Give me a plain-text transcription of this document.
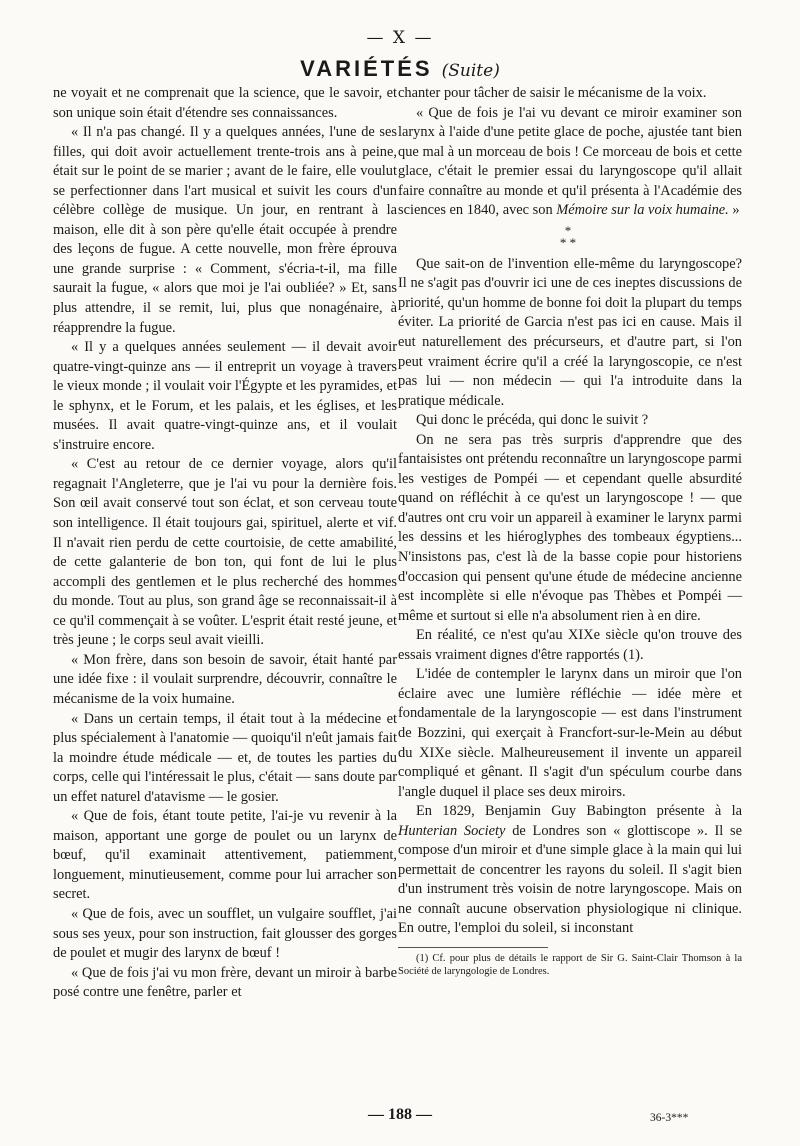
— X —
VARIÉTÉS (Suite)

ne voyait et ne comprenait que la science, que le savoir, et son unique soin était d'étendre ses connaissances.

« Il n'a pas changé. Il y a quelques années, l'une de ses filles, qui doit avoir actuellement trente-trois ans à peine, était sur le point de se marier ; avant de le faire, elle voulut se perfectionner dans l'art musical et suivit les cours d'un célèbre collège de musique. Un jour, en rentrant à la maison, elle dit à son père qu'elle était occupée à prendre des leçons de fugue. A cette nouvelle, mon frère éprouva une grande surprise : « Comment, s'écria-t-il, ma fille saurait la fugue, « alors que moi je l'ai oubliée? » Et, sans plus attendre, il se remit, lui, plus que nonagénaire, à réapprendre la fugue.

« Il y a quelques années seulement — il devait avoir quatre-vingt-quinze ans — il entreprit un voyage à travers le vieux monde ; il voulait voir l'Égypte et les pyramides, et le sphynx, et le Forum, et les palais, et les églises, et les musées. Il avait quatre-vingt-quinze ans, et il voulait s'instruire encore.

« C'est au retour de ce dernier voyage, alors qu'il regagnait l'Angleterre, que je l'ai vu pour la dernière fois. Son œil avait conservé tout son éclat, et son cerveau toute son intelligence. Il était toujours gai, spirituel, alerte et vif. Il n'avait rien perdu de cette courtoisie, de cette amabilité, de cette galanterie de bon ton, qui font de lui le plus accompli des gentlemen et le plus recherché des hommes du monde. Tout au plus, son grand âge se reconnaissait-il à ce qu'il commençait à se voûter. L'esprit était resté jeune, et très jeune ; le corps seul avait vieilli.

« Mon frère, dans son besoin de savoir, était hanté par une idée fixe : il voulait surprendre, découvrir, connaître le mécanisme de la voix humaine.

« Dans un certain temps, il était tout à la médecine et plus spécialement à l'anatomie — quoiqu'il n'eût jamais fait la moindre étude médicale — et, de toutes les parties du corps, celle qui l'intéressait le plus, c'était — sans doute par un effet naturel d'atavisme — le gosier.

« Que de fois, étant toute petite, l'ai-je vu revenir à la maison, apportant une gorge de poulet ou un larynx de bœuf, qu'il examinait attentivement, patiemment, longuement, minutieusement, comme pour lui arracher son secret.

« Que de fois, avec un soufflet, un vulgaire soufflet, j'ai sous ses yeux, pour son instruction, fait glousser des gorges de poulet et mugir des larynx de bœuf !

« Que de fois j'ai vu mon frère, devant un miroir à barbe posé contre une fenêtre, parler et

chanter pour tâcher de saisir le mécanisme de la voix.

« Que de fois je l'ai vu devant ce miroir examiner son larynx à l'aide d'une petite glace de poche, ajustée tant bien que mal à un morceau de bois ! Ce morceau de bois et cette glace, c'était le premier essai du laryngoscope qu'il allait faire connaître au monde et qu'il présenta à l'Académie des sciences en 1840, avec son Mémoire sur la voix humaine. »

*
* *

Que sait-on de l'invention elle-même du laryngoscope? Il ne s'agit pas d'ouvrir ici une de ces ineptes discussions de priorité, qu'un homme de bonne foi doit la plupart du temps éviter. La priorité de Garcia n'est pas ici en cause. Mais il eut naturellement des précurseurs, et d'autre part, si l'on peut vraiment écrire qu'il a créé la laryngoscopie, ce n'est pas lui — non médecin — qui l'a introduite dans la pratique médicale.

Qui donc le précéda, qui donc le suivit ?

On ne sera pas très surpris d'apprendre que des fantaisistes ont prétendu reconnaître un laryngoscope parmi les vestiges de Pompéi — et cependant quelle absurdité quand on réfléchit à ce qu'est un laryngoscope ! — que d'autres ont cru voir un appareil à examiner le larynx parmi les dessins et les hiéroglyphes des tombeaux égyptiens... N'insistons pas, c'est là de la basse copie pour historiens d'occasion qui pensent qu'une étude de médecine ancienne est incomplète si elle n'évoque pas Thèbes et Pompéi — même et surtout si elle n'a absolument rien à en dire.

En réalité, ce n'est qu'au XIXe siècle qu'on trouve des essais vraiment dignes d'être rapportés (1).

L'idée de contempler le larynx dans un miroir que l'on éclaire avec une lumière réfléchie — idée mère et fondamentale de la laryngoscopie — est dans l'instrument de Bozzini, qui exerçait à Francfort-sur-le-Mein au début du XIXe siècle. Malheureusement il invente un appareil compliqué et gênant. Il s'agit d'un spéculum courbe dans l'angle duquel il place ses deux miroirs.

En 1829, Benjamin Guy Babington présente à la Hunterian Society de Londres son « glottiscope ». Il se compose d'un miroir et d'une simple glace à la main qui lui permettait de concentrer les rayons du soleil. Il s'agit bien d'un instrument très voisin de notre laryngoscope. Mais on ne connaît aucune observation physiologique ni clinique. En outre, l'emploi du soleil, si inconstant

(1) Cf. pour plus de détails le rapport de Sir G. Saint-Clair Thomson à la Société de laryngologie de Londres.

— 188 —	36-3***
